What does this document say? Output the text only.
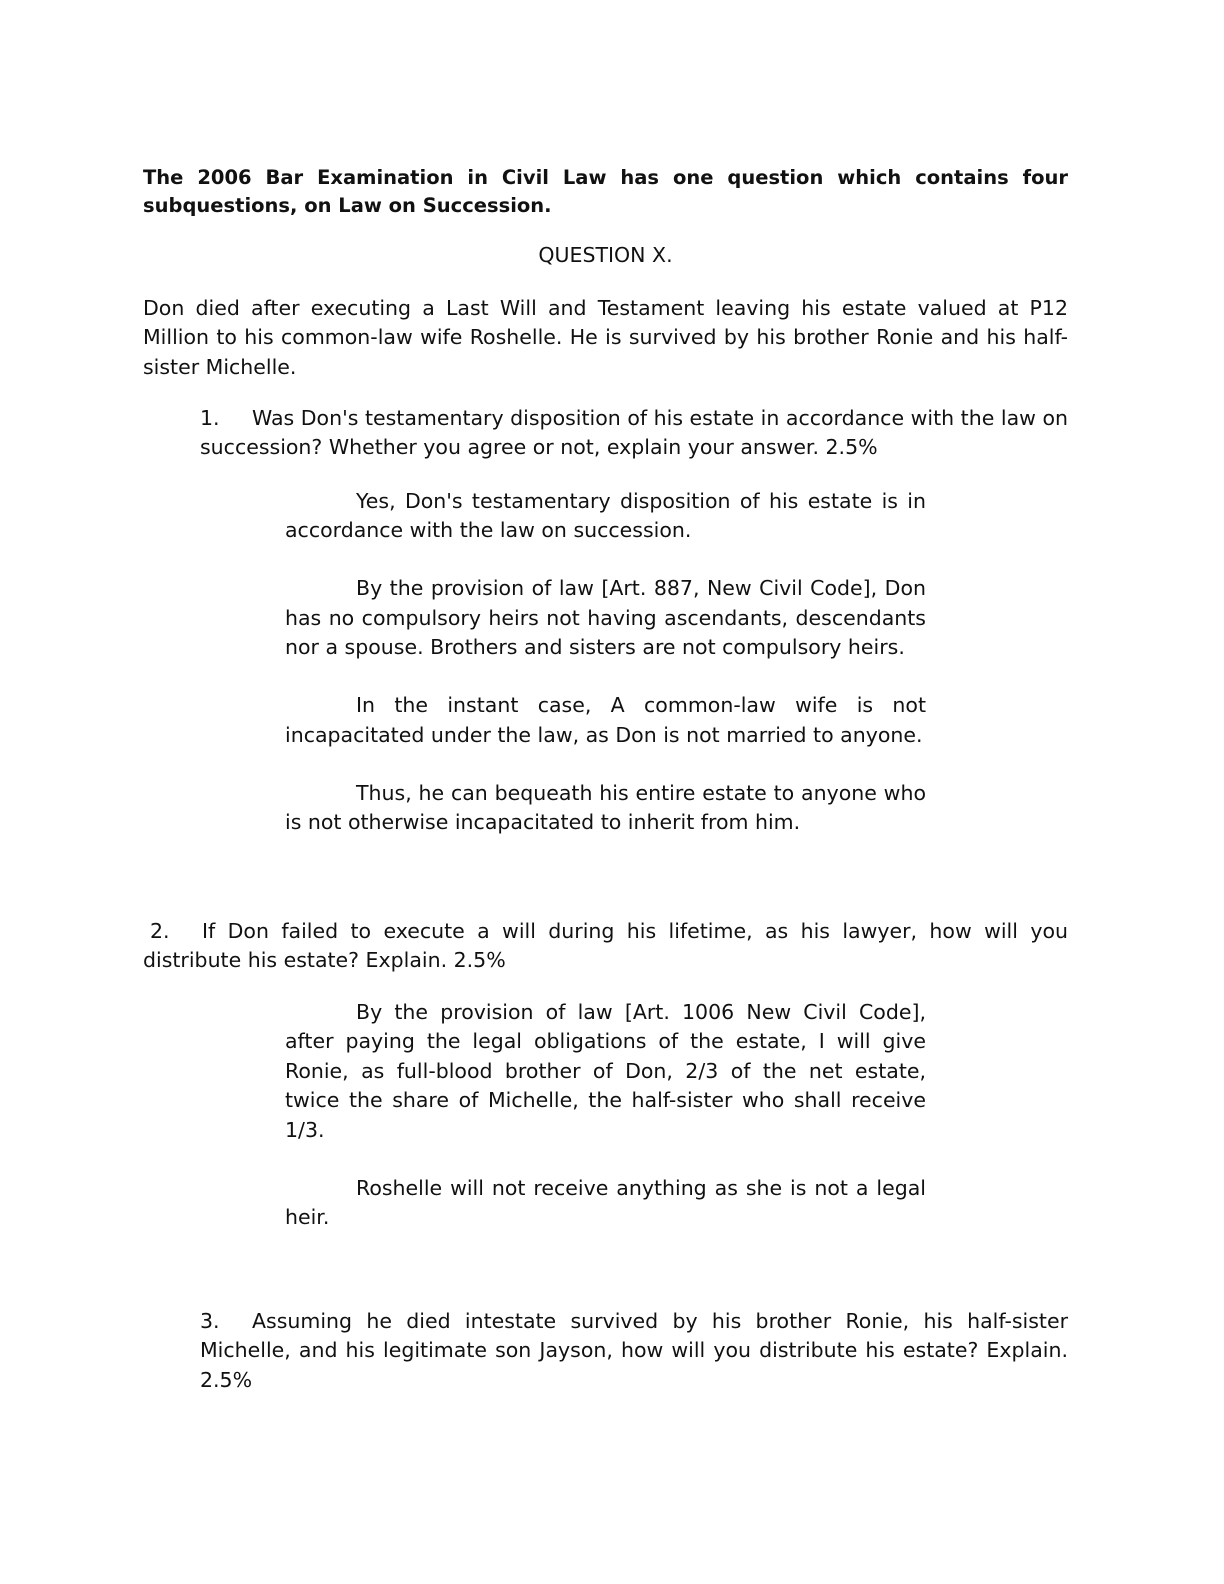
The 2006 Bar Examination in Civil Law has one question which contains four subquestions, on Law on Succession.
QUESTION X.
Don died after executing a Last Will and Testament leaving his estate valued at P12 Million to his common-law wife Roshelle. He is survived by his brother Ronie and his half-sister Michelle.
1. Was Don's testamentary disposition of his estate in accordance with the law on succession? Whether you agree or not, explain your answer. 2.5%

Yes, Don's testamentary disposition of his estate is in accordance with the law on succession.

By the provision of law [Art. 887, New Civil Code], Don has no compulsory heirs not having ascendants, descendants nor a spouse. Brothers and sisters are not compulsory heirs.

In the instant case, A common-law wife is not incapacitated under the law, as Don is not married to anyone.

Thus, he can bequeath his entire estate to anyone who is not otherwise incapacitated to inherit from him.

2. If Don failed to execute a will during his lifetime, as his lawyer, how will you distribute his estate? Explain. 2.5%

By the provision of law [Art. 1006 New Civil Code], after paying the legal obligations of the estate, I will give Ronie, as full-blood brother of Don, 2/3 of the net estate, twice the share of Michelle, the half-sister who shall receive 1/3.

Roshelle will not receive anything as she is not a legal heir.

3. Assuming he died intestate survived by his brother Ronie, his half-sister Michelle, and his legitimate son Jayson, how will you distribute his estate? Explain. 2.5%
